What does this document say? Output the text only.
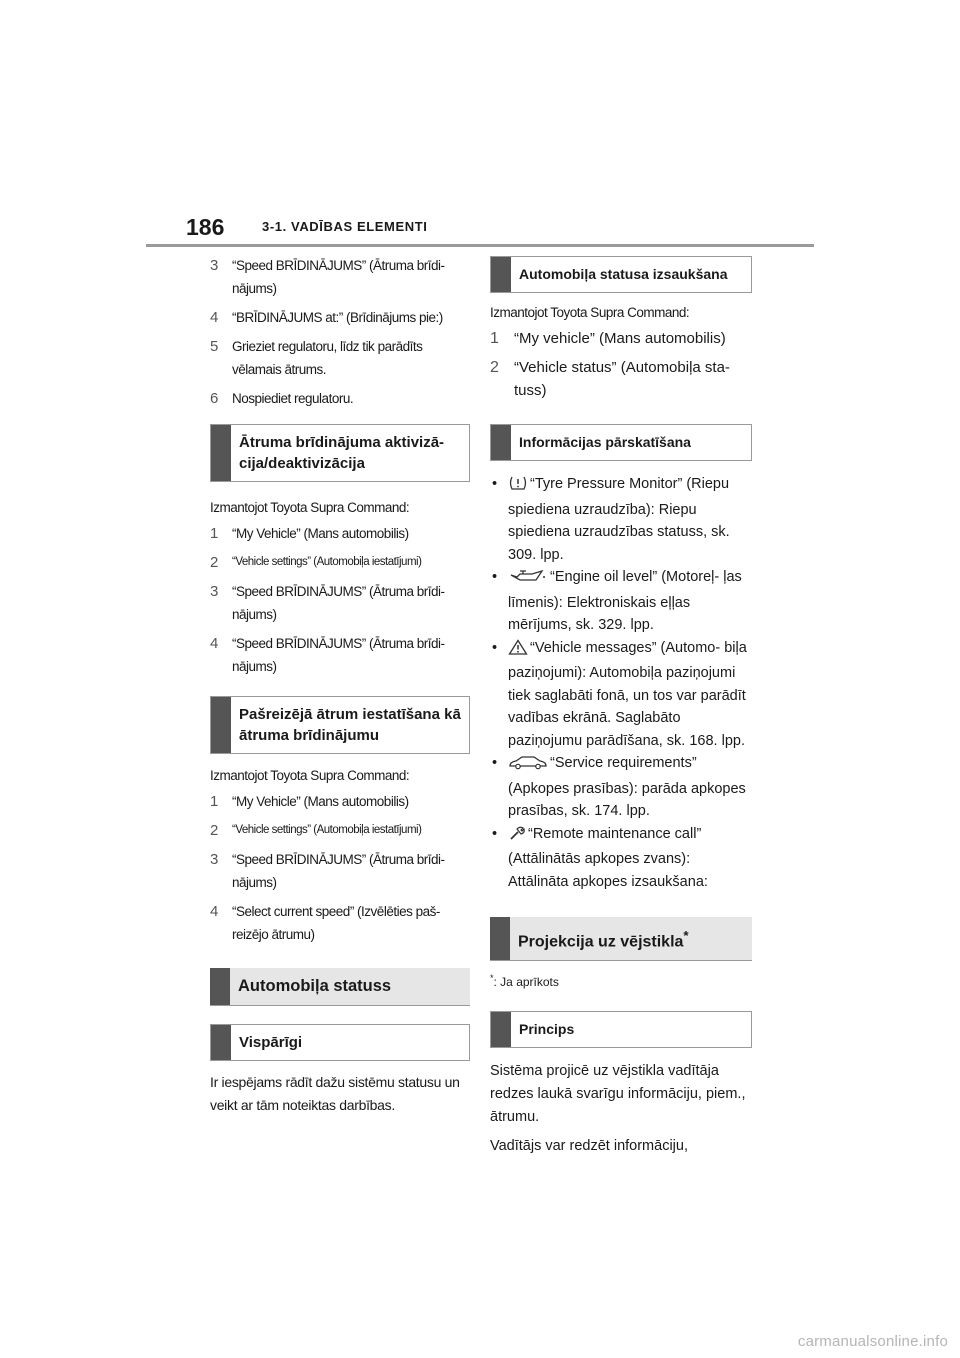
186	3-1. VADĪBAS ELEMENTI
3 “Speed BRĪDINĀJUMS” (Ātruma brīdi- nājums)
4 “BRĪDINĀJUMS at:” (Brīdinājums pie:)
5 Grieziet regulatoru, līdz tik parādīts vēlamais ātrums.
6 Nospiediet regulatoru.
Ātruma brīdinājuma aktivizā- cija/deaktivizācija
Izmantojot Toyota Supra Command:
1 “My Vehicle” (Mans automobilis)
2 “Vehicle settings” (Automobiļa iestatījumi)
3 “Speed BRĪDINĀJUMS” (Ātruma brīdi- nājums)
4 “Speed BRĪDINĀJUMS” (Ātruma brīdi- nājums)
Pašreizējā ātrum iestatīšana kā ātruma brīdinājumu
Izmantojot Toyota Supra Command:
1 “My Vehicle” (Mans automobilis)
2 “Vehicle settings” (Automobiļa iestatījumi)
3 “Speed BRĪDINĀJUMS” (Ātruma brīdi- nājums)
4 “Select current speed” (Izvēlēties paš- reizējo ātrumu)
Automobiļa statuss
Vispārīgi
Ir iespējams rādīt dažu sistēmu statusu un veikt ar tām noteiktas darbības.
Automobiļa statusa izsaukšana
Izmantojot Toyota Supra Command:
1 “My vehicle” (Mans automobilis)
2 “Vehicle status” (Automobiļa sta- tuss)
Informācijas pārskatīšana
• “Tyre Pressure Monitor” (Riepu spiediena uzraudzība): Riepu spiediena uzraudzības statuss, sk. 309. lpp.
•	“Engine oil level” (Motoreļ- ļas līmenis): Elektroniskais eļļas mērījums, sk. 329. lpp.
• “Vehicle messages” (Automo- biļa paziņojumi): Automobiļa paziņojumi tiek saglabāti fonā, un tos var parādīt vadības ekrānā. Saglabāto paziņojumu parādīšana, sk. 168. lpp.
•	“Service requirements” (Apkopes prasības): parāda apkopes prasības, sk. 174. lpp.
• “Remote maintenance call” (Attālinātās apkopes zvans): Attālināta apkopes izsaukšana:
Projekcija uz vējstikla*
*: Ja aprīkots
Princips
Sistēma projicē uz vējstikla vadītāja redzes laukā svarīgu informāciju, piem., ātrumu.
Vadītājs var redzēt informāciju,
carmanualsonline.info
